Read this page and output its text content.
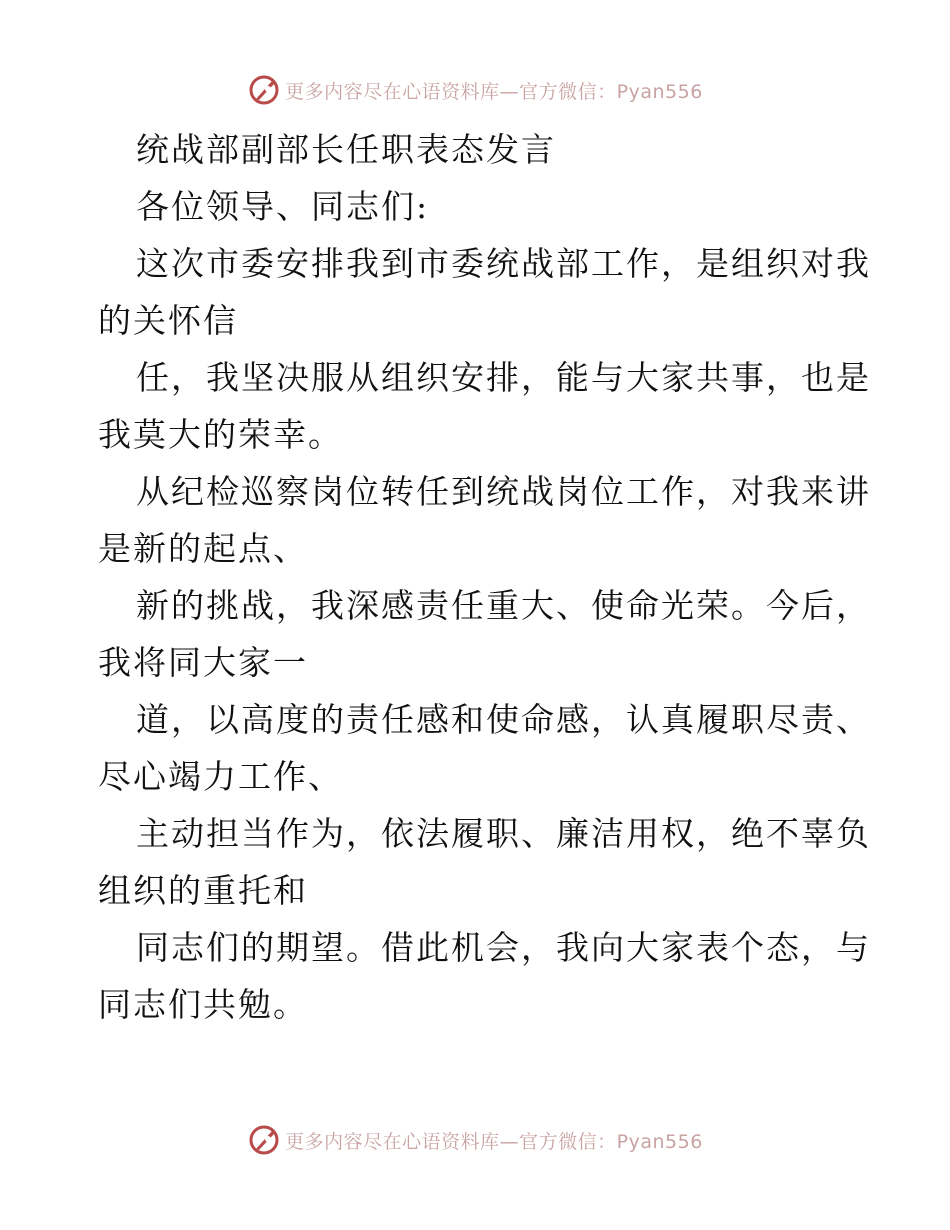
更多内容尽在心语资料库—官方微信：Pyan556
统战部副部长任职表态发言
各位领导、同志们:
这次市委安排我到市委统战部工作，是组织对我
的关怀信
任，我坚决服从组织安排，能与大家共事，也是
我莫大的荣幸。
从纪检巡察岗位转任到统战岗位工作，对我来讲
是新的起点、
新的挑战，我深感责任重大、使命光荣。今后，
我将同大家一
道，以高度的责任感和使命感，认真履职尽责、
尽心竭力工作、
主动担当作为，依法履职、廉洁用权，绝不辜负
组织的重托和
同志们的期望。借此机会，我向大家表个态，与
同志们共勉。
更多内容尽在心语资料库—官方微信：Pyan556
